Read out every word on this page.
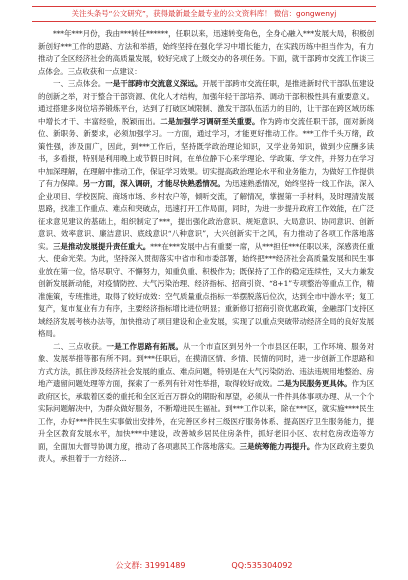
关注头条号“公文研究”，获得最新最全最专业的公文资料库！ 微信：gongwenyj

***年***月份，我由***转任******，任职以来，迅速转变角色，全身心融入***发展大局，积极创新创好***工作的思路、方法和举措，始终坚持在强化学习中增长能力，在实践历练中担当作为，有力推动了全区经济社会的高质量发展，较好完成了上级交办的各项任务。下面，就干部跨市交流工作谈三点体会。三点收获和一点建议：

一、三点体会。一是干部跨市交流意义深远。开展干部跨市交流任职，是推进新时代干部队伍建设的创新之举，对于整合干部资源、优化人才结构，加强年轻干部培养、调动干部积极性具有重要意义。通过搭建多岗位培养锻炼平台，达到了打破区域限制、激发干部队伍活力的目的，让干部在跨区域历练中增长才干、丰富经验，脱颖而出。二是加强学习调研至关重要。作为跨市交流任职干部，面对新岗位、新职务、新要求，必须加强学习。一方面，通过学习，才能更好推动工作。***工作千头万绪，政策性强，涉及面广，因此，到***工作后，坚持既学政治理论知识，又学业务知识，做到少应酬多读书，多看报，特别是利用晚上或节假日时间，在单位静下心来学理论、学政策、学文件，并努力在学习中加深理解，在理解中推动工作，保证学习效果。切实提高政治理论水平和业务能力，为做好工作提供了有力保障。另一方面，深入调研，才能尽快熟悉情况。为迅速熟悉情况，始终坚持一线工作法，深入企业项目、学校医院、商场市场、乡村农户等，倾听交流，了解情况，掌握第一手材料，及时理清发展思路，找准工作重点、难点和突破点，迅速打开工作局面，同时，为进一步提升政府工作效能，在广泛征求意见建议的基础上，组织制定了***，提出强化政治意识、规矩意识、大局意识、协同意识、创新意识、效率意识、廉洁意识、底线意识“八种意识”，大兴创新实干之风，有力推动了各项工作落地落实。三是推动发展提升责任重大。***在***发展中占有重要一席，从***担任***任职以来，深感责任重大、使命光荣。为此，坚持深入贯彻落实中省市和市委部署，始终把***经济社会高质量发展和民生事业放在第一位，恪尽职守、不懈努力，知重负重、积极作为；既保持了工作的稳定连续性，又大力兼发创新发展新动能，对疫情防控、大气污染治理、经济指标、招商引资、“8+1”专项整治等重点工作，精准施策，专班推进，取得了较好成效：空气质量重点指标一举摆脱落后位次，达到全市中游水平；复工复产，复市复业有力有序，主要经济指标增比进位明显；重新修订招商引资优惠政策，金融部门支持区域经济发展考核办法等，加快推动了项目建设和企业发展，实现了以重点突破带动经济全局的良好发展格局。

二、三点收获。一是工作思路有拓展。从一个市直区到另外一个市县区任职，工作环境、服务对象、发展举措等都有所不同。到***任职后，在摸清区情、乡情、民情的同时，进一步创新工作思路和方式方法，抓住涉及经济社会发展的重点、难点问题，特别是在大气污染防治、违法违规用地整治、房地产遗留问题处理等方面，探索了一系列有针对性举措，取得较好成效。二是为民服务更具体。作为区政府区长，承载着区委的重托和全区近百万群众的期盼和厚望，必须从一件件具体事项办理、从一个个实际问题解决中，为群众做好服务，不断增进民生福祉。到***工作以来，除在***区，就实施****民生工作，办好***件民生实事做出安排外，在完善区乡村三级医疗服务体系、提高医疗卫生服务能力，提升全区教育发展水平，加快***中建设，改善城乡居民住房条件，抓好老旧小区、农村危房改造等方面，全面加大督导协调力度，推动了各项惠民工作落地落实。三是统筹能力再提升。作为区政府主要负责人，承担着于一方经济...

公文群: 31991489	QQ:535304092
